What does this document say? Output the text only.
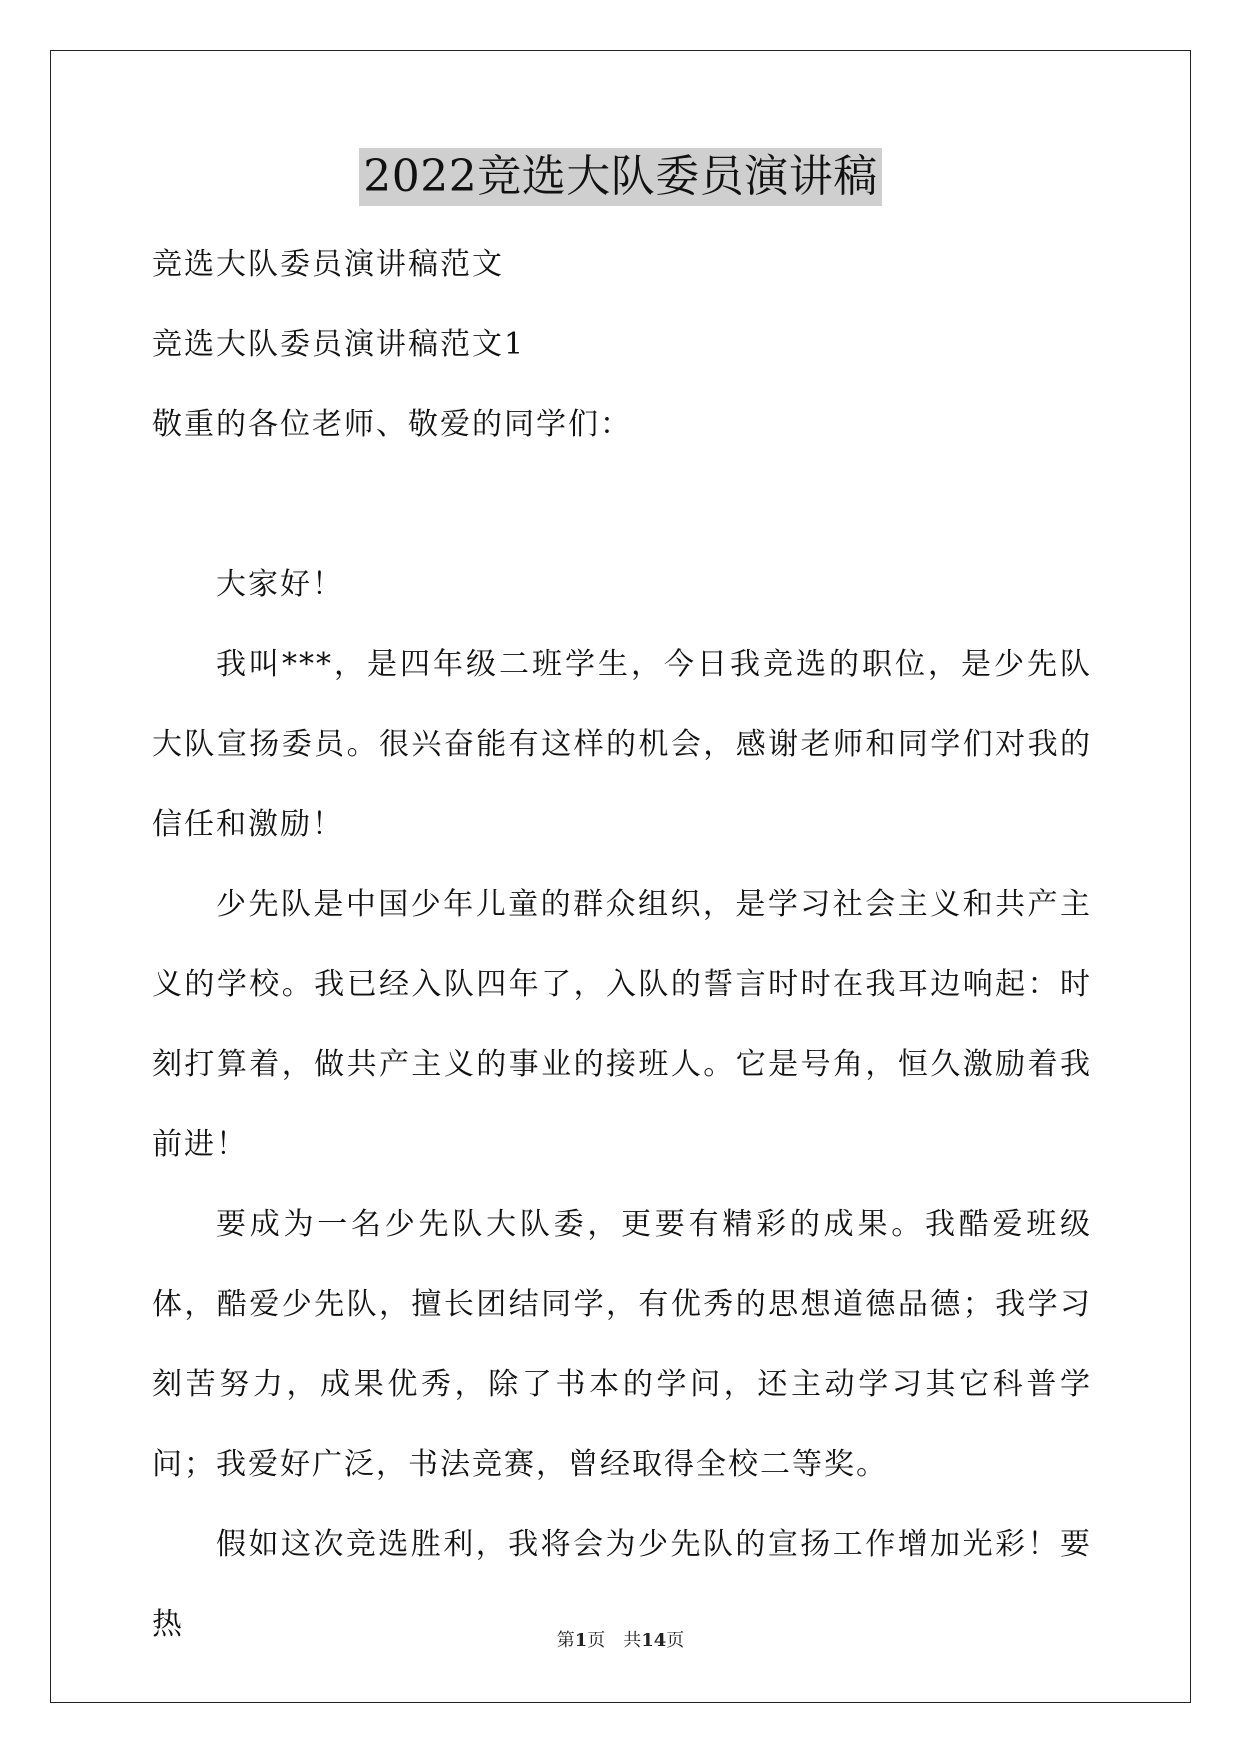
2022竞选大队委员演讲稿
竞选大队委员演讲稿范文
竞选大队委员演讲稿范文1
敬重的各位老师、敬爱的同学们：
大家好！
我叫***，是四年级二班学生，今日我竞选的职位，是少先队大队宣扬委员。很兴奋能有这样的机会，感谢老师和同学们对我的信任和激励！
少先队是中国少年儿童的群众组织，是学习社会主义和共产主义的学校。我已经入队四年了，入队的誓言时时在我耳边响起：时刻打算着，做共产主义的事业的接班人。它是号角，恒久激励着我前进！
要成为一名少先队大队委，更要有精彩的成果。我酷爱班级体，酷爱少先队，擅长团结同学，有优秀的思想道德品德；我学习刻苦努力，成果优秀，除了书本的学问，还主动学习其它科普学问；我爱好广泛，书法竞赛，曾经取得全校二等奖。
假如这次竞选胜利，我将会为少先队的宣扬工作增加光彩！要热	第1页 共14页
